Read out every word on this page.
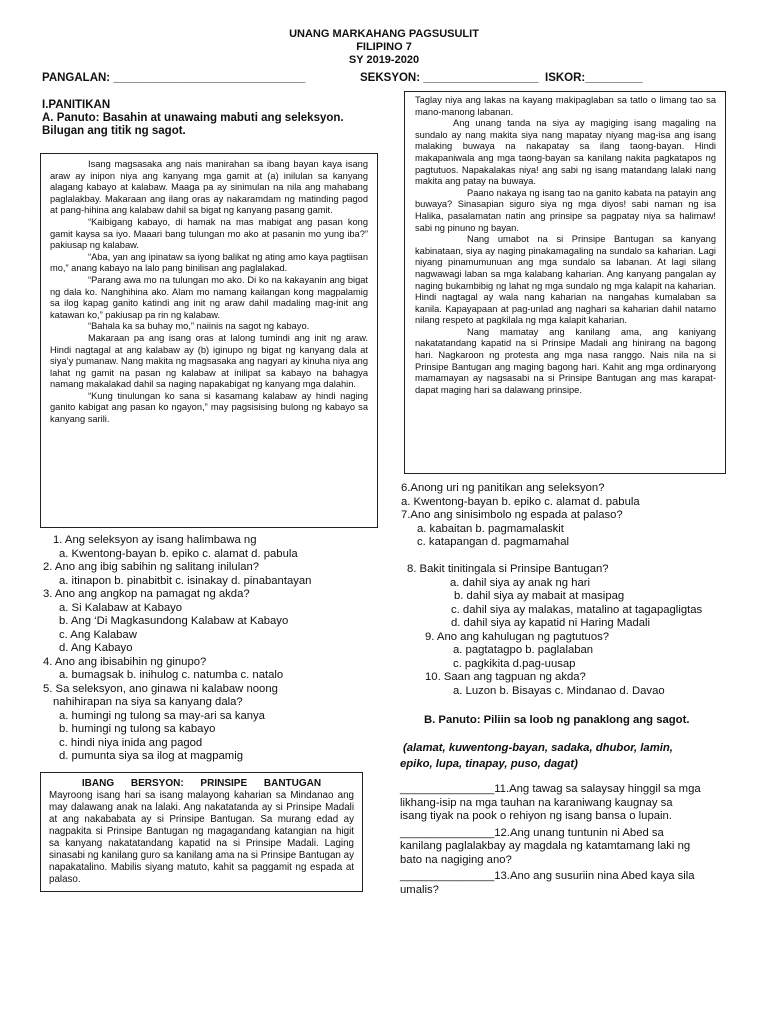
UNANG MARKAHANG PAGSUSULIT
FILIPINO 7
SY 2019-2020
PANGALAN: ______________________________	SEKSYON: __________________ ISKOR:_________
I.PANITIKAN
A. Panuto: Basahin at unawaing mabuti ang seleksyon.
Bilugan ang titik ng sagot.

Isang magsasaka ang nais manirahan sa ibang bayan kaya isang araw ay inipon niya ang kanyang mga gamit at (a) inilulan sa kanyang alagang kabayo at kalabaw. Maaga pa ay sinimulan na nila ang mahabang paglalakbay. Makaraan ang ilang oras ay nakaramdam ng matinding pagod at pang-hihina ang kalabaw dahil sa bigat ng kanyang pasang gamit.

“Kaibigang kabayo, di hamak na mas mabigat ang pasan kong gamit kaysa sa iyo. Maaari bang tulungan mo ako at pasanin mo yung iba?” pakiusap ng kalabaw.

“Aba, yan ang ipinataw sa iyong balikat ng ating amo kaya pagtiisan mo,” anang kabayo na lalo pang binilisan ang paglalakad.

“Parang awa mo na tulungan mo ako. Di ko na kakayanin ang bigat ng dala ko. Nanghihina ako. Alam mo namang kailangan kong magpalamig sa ilog kapag ganito katindi ang init ng araw dahil madaling mag-init ang katawan ko,” pakiusap pa rin ng kalabaw.

“Bahala ka sa buhay mo,” naiinis na sagot ng kabayo.

Makaraan pa ang isang oras at lalong tumindi ang init ng araw. Hindi nagtagal at ang kalabaw ay (b) iginupo ng bigat ng kanyang dala at siya’y pumanaw. Nang makita ng magsasaka ang nagyari ay kinuha niya ang lahat ng gamit na pasan ng kalabaw at inilipat sa kabayo na bahagya namang makalakad dahil sa naging napakabigat ng kanyang mga dalahin.

“Kung tinulungan ko sana si kasamang kalabaw ay hindi naging ganito kabigat ang pasan ko ngayon,” may pagsisising bulong ng kabayo sa kanyang sarili.

1. Ang seleksyon ay isang halimbawa ng
a. Kwentong-bayan b. epiko c. alamat d. pabula
2. Ano ang ibig sabihin ng salitang inilulan?
a. itinapon b. pinabitbit c. isinakay d. pinabantayan
3. Ano ang angkop na pamagat ng akda?
a. Si Kalabaw at Kabayo
b. Ang ‘Di Magkasundong Kalabaw at Kabayo
c. Ang Kalabaw
d. Ang Kabayo
4. Ano ang ibisabihin ng ginupo?
a. bumagsak b. inihulog c. natumba c. natalo
5. Sa seleksyon, ano ginawa ni kalabaw noong
nahihirapan na siya sa kanyang dala?
a. humingi ng tulong sa may-ari sa kanya
b. humingi ng tulong sa kabayo
c. hindi niya inida ang pagod
d. pumunta siya sa ilog at magpamig
IBANG BERSYON: PRINSIPE BANTUGAN
Mayroong isang hari sa isang malayong kaharian sa Mindanao ang may dalawang anak na lalaki. Ang nakatatanda ay si Prinsipe Madali at ang nakababata ay si Prinsipe Bantugan. Sa murang edad ay nagpakita si Prinsipe Bantugan ng magagandang katangian na higit sa kanyang nakatatandang kapatid na si Prinsipe Madali. Laging sinasabi ng kanilang guro sa kanilang ama na si Prinsipe Bantugan ay napakatalino. Mabilis siyang matuto, kahit sa paggamit ng espada at palaso.

Taglay niya ang lakas na kayang makipaglaban sa tatlo o limang tao sa mano-manong labanan.

Ang unang tanda na siya ay magiging isang magaling na sundalo ay nang makita siya nang mapatay niyang mag-isa ang isang malaking buwaya na nakapatay sa ilang taong-bayan. Hindi makapaniwala ang mga taong-bayan sa kanilang nakita pagkatapos ng pagtutuos. Napakalakas niya! ang sabi ng isang matandang lalaki nang makita ang patay na buwaya.

Paano nakaya ng isang tao na ganito kabata na patayin ang buwaya? Sinasapian siguro siya ng mga diyos! sabi naman ng isa Halika, pasalamatan natin ang prinsipe sa pagpatay niya sa halimaw! sabi ng pinuno ng bayan.

Nang umabot na si Prinsipe Bantugan sa kanyang kabinataan, siya ay naging pinakamagaling na sundalo sa kaharian. Lagi niyang pinamumunuan ang mga sundalo sa labanan. At lagi silang nagwawagi laban sa mga kalabang kaharian. Ang kanyang pangalan ay naging bukambibig ng lahat ng mga sundalo ng mga kalapit na kaharian. Hindi nagtagal ay wala nang kaharian na nangahas kumalaban sa kanila. Kapayapaan at pag-unlad ang naghari sa kaharian dahil natamo nilang respeto at pagkilala ng mga kalapit kaharian.

Nang mamatay ang kanilang ama, ang kaniyang nakatatandang kapatid na si Prinsipe Madali ang hinirang na bagong hari. Nagkaroon ng protesta ang mga nasa ranggo. Nais nila na si Prinsipe Bantugan ang maging bagong hari. Kahit ang mga ordinaryong mamamayan ay nagsasabi na si Prinsipe Bantugan ang mas karapat-dapat maging hari sa dalawang prinsipe.

6.Anong uri ng panitikan ang seleksyon?
a. Kwentong-bayan b. epiko c. alamat d. pabula
7.Ano ang sinisimbolo ng espada at palaso?
a. kabaitan b. pagmamalaskit
c. katapangan d. pagmamahal
8. Bakit tinitingala si Prinsipe Bantugan?
a. dahil siya ay anak ng hari
b. dahil siya ay mabait at masipag
c. dahil siya ay malakas, matalino at tagapagligtas
d. dahil siya ay kapatid ni Haring Madali
9. Ano ang kahulugan ng pagtutuos?
a. pagtatagpo b. paglalaban
c. pagkikita d.pag-uusap
10. Saan ang tagpuan ng akda?
a. Luzon b. Bisayas c. Mindanao d. Davao
B. Panuto: Piliin sa loob ng panaklong ang sagot.
(alamat, kuwentong-bayan, sadaka, dhubor, lamin,
epiko, lupa, tinapay, puso, dagat)
_______________11.Ang tawag sa salaysay hinggil sa mga
likhang-isip na mga tauhan na karaniwang kaugnay sa
isang tiyak na pook o rehiyon ng isang bansa o lupain.
_______________12.Ang unang tuntunin ni Abed sa
kanilang paglalakbay ay magdala ng katamtamang laki ng
bato na nagiging ano?
_______________13.Ano ang susuriin nina Abed kaya sila
umalis?
